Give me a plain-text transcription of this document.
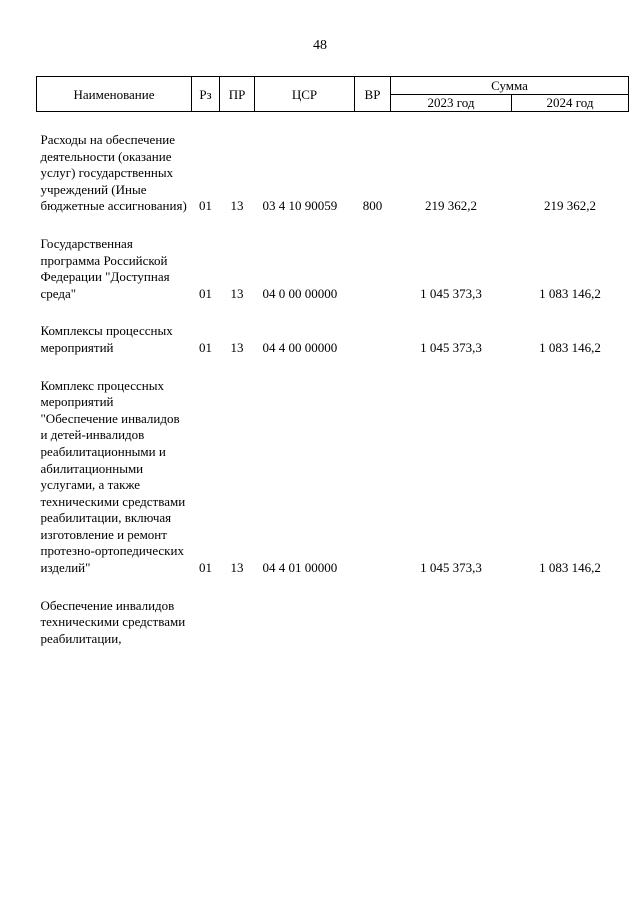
48
Наименование	Рз	ПР	ЦСР	ВР	Сумма	
					2023 год	2024 год

Расходы на обеспечение деятельности (оказание услуг) государственных учреждений (Иные бюджетные ассигнования)	01	13	03 4 10 90059	800	219 362,2	219 362,2

Государственная программа Российской Федерации "Доступная среда"	01	13	04 0 00 00000		1 045 373,3	1 083 146,2

Комплексы процессных мероприятий	01	13	04 4 00 00000		1 045 373,3	1 083 146,2

Комплекс процессных мероприятий "Обеспечение инвалидов и детей-инвалидов реабилитационными и абилитационными услугами, а также техническими средствами реабилитации, включая изготовление и ремонт протезно-ортопедических изделий"	01	13	04 4 01 00000		1 045 373,3	1 083 146,2

Обеспечение инвалидов техническими средствами реабилитации,						
